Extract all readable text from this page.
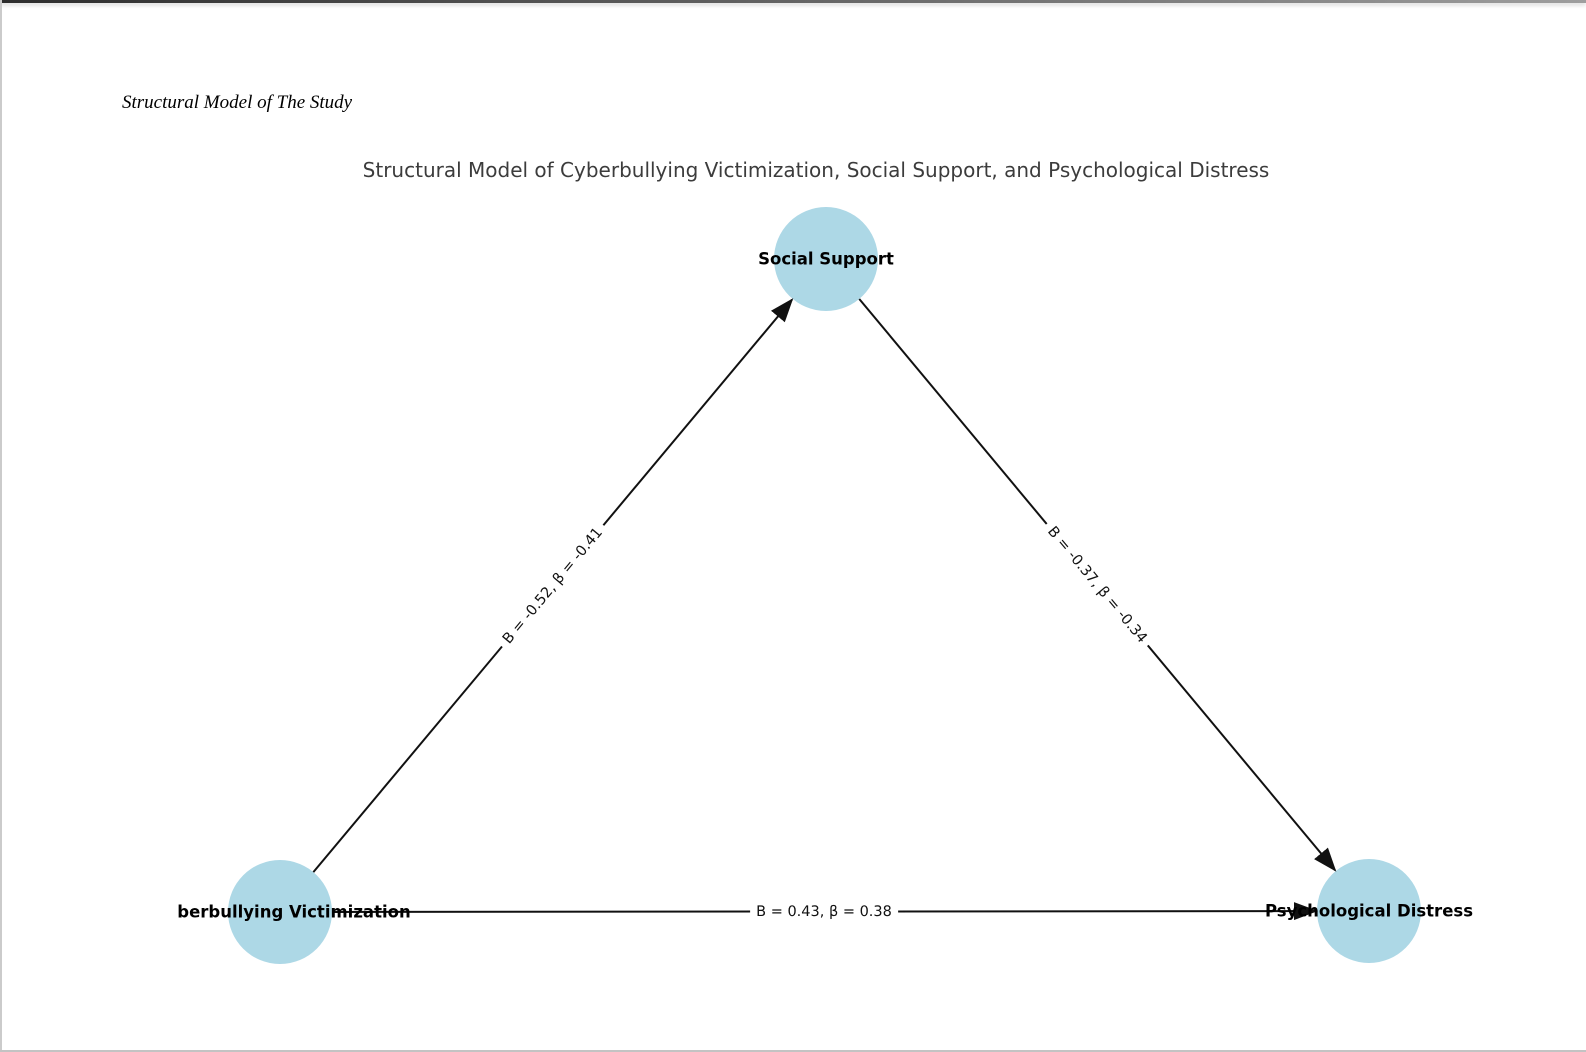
Structural Model of The Study
Structural Model of Cyberbullying Victimization, Social Support, and Psychological Distress
B = -0.52, β = -0.41	B = -0.37, β = -0.34
B = 0.43, β = 0.38
Social Support
berbullying Victimization	Psychological Distress
